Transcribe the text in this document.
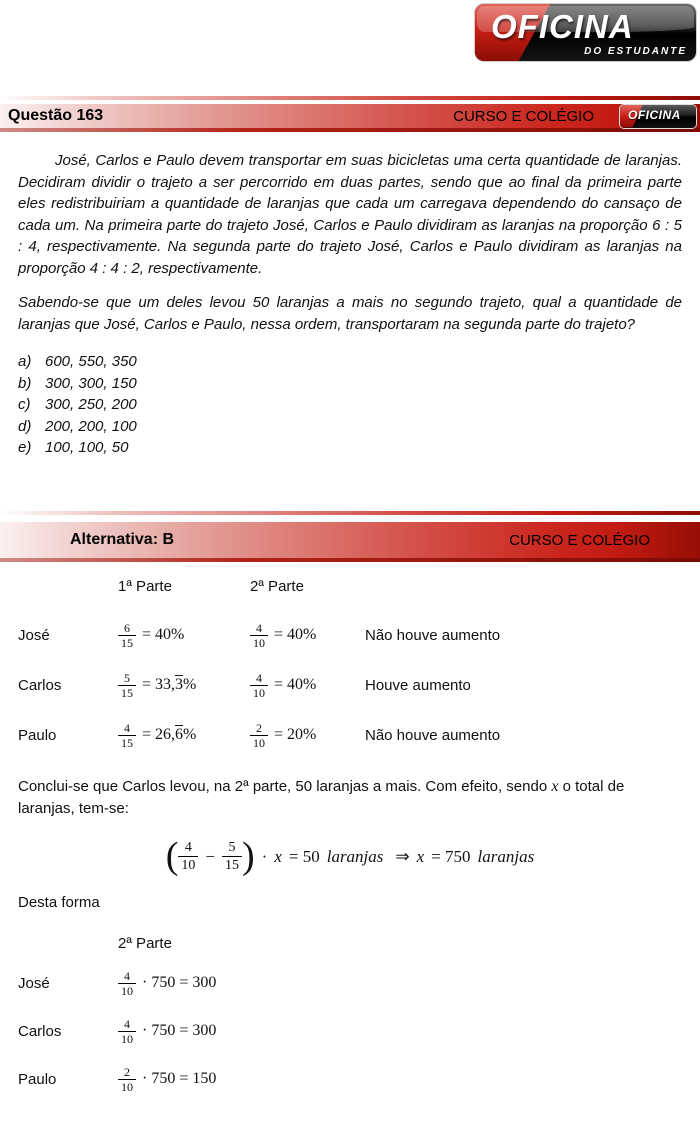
OFICINA
DO ESTUDANTE
Questão 163	CURSO E COLÉGIO	OFICINA

José, Carlos e Paulo devem transportar em suas bicicletas uma certa quantidade de laranjas. Decidiram dividir o trajeto a ser percorrido em duas partes, sendo que ao final da primeira parte eles redistribuiriam a quantidade de laranjas que cada um carregava dependendo do cansaço de cada um. Na primeira parte do trajeto José, Carlos e Paulo dividiram as laranjas na proporção 6 : 5 : 4, respectivamente. Na segunda parte do trajeto José, Carlos e Paulo dividiram as laranjas na proporção 4 : 4 : 2, respectivamente.

Sabendo-se que um deles levou 50 laranjas a mais no segundo trajeto, qual a quantidade de laranjas que José, Carlos e Paulo, nessa ordem, transportaram na segunda parte do trajeto?

a) 600, 550, 350
b) 300, 300, 150
c) 300, 250, 200
d) 200, 200, 100
e) 100, 100, 50
Alternativa: B	CURSO E COLÉGIO
1ª Parte	2ª Parte
José	$\frac{6}{15} = 40\%$	$\frac{4}{10} = 40\%$	Não houve aumento
Carlos	$\frac{5}{15} = 33,3\%$	$\frac{4}{10} = 40\%$	Houve aumento
Paulo	$\frac{4}{15} = 26,6\%$	$\frac{2}{10} = 20\%$	Não houve aumento

Conclui-se que Carlos levou, na 2ª parte, 50 laranjas a mais. Com efeito, sendo x o total de laranjas, tem-se:

( $\frac{4}{10} - \frac{5}{15}$ ) · x = 50 laranjas ⇒ x = 750 laranjas

Desta forma

2ª Parte
José	$\frac{4}{10} \cdot 750 = 300$
Carlos	$\frac{4}{10} \cdot 750 = 300$
Paulo	$\frac{2}{10} \cdot 750 = 150$
